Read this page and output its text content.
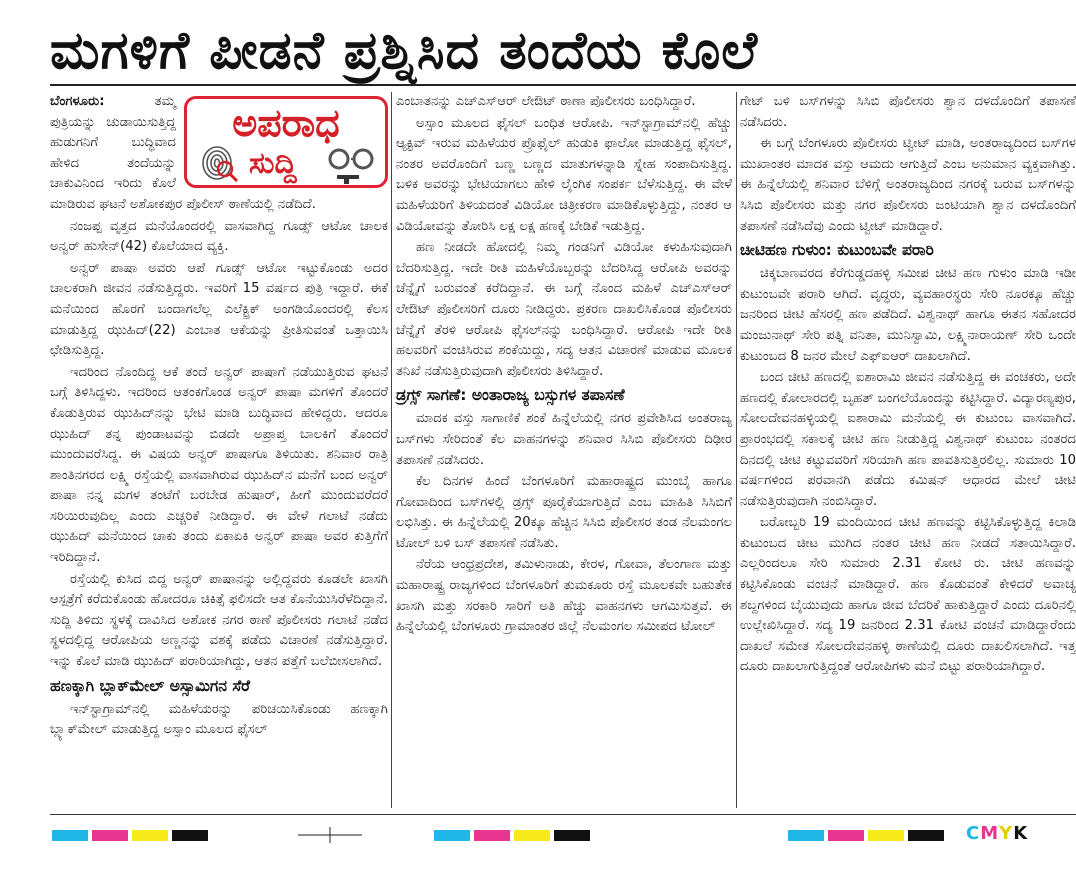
ಮಗಳಿಗೆ ಪೀಡನೆ ಪ್ರಶ್ನಿಸಿದ ತಂದೆಯ ಕೊಲೆ
ಅಪರಾಧ
ಸುದ್ದಿ

ಬೆಂಗಳೂರು:	ತಮ್ಮ ಪುತ್ರಿಯನ್ನು ಚುಡಾಯಿಸುತ್ತಿದ್ದ ಹುಡುಗನಿಗೆ ಬುದ್ಧಿವಾದ ಹೇಳಿದ ತಂದೆಯನ್ನು ಚಾಕುವಿನಿಂದ ಇರಿದು ಕೊಲೆ ಮಾಡಿರುವ ಘಟನೆ ಅಶೋಕಪುರ ಪೊಲೀಸ್ ಠಾಣೆಯಲ್ಲಿ ನಡೆದಿದೆ.

ನಂಜಪ್ಪ ವೃತ್ತದ ಮನೆಯೊಂದರಲ್ಲಿ ವಾಸವಾಗಿದ್ದ ಗೂಡ್ಸ್ ಆಟೋ ಚಾಲಕ ಅನ್ವರ್ ಹುಸೇನ್(42) ಕೊಲೆಯಾದ ವ್ಯಕ್ತಿ.

ಅನ್ವರ್ ಪಾಷಾ ಅವರು ಆಪೆ ಗೂಡ್ಸ್ ಆಟೋ ಇಟ್ಟುಕೊಂಡು ಅದರ ಚಾಲಕರಾಗಿ ಜೀವನ ನಡೆಸುತ್ತಿದ್ದರು. ಇವರಿಗೆ 15 ವರ್ಷದ ಪುತ್ರಿ ಇದ್ದಾರೆ. ಈಕೆ ಮನೆಯಿಂದ ಹೊರಗೆ ಬಂದಾಗಲೆಲ್ಲ ಎಲೆಕ್ಟ್ರಿಕ್ ಅಂಗಡಿಯೊಂದರಲ್ಲಿ ಕೆಲಸ ಮಾಡುತ್ತಿದ್ದ ಝುಹಿದ್(22) ಎಂಬಾತ ಆಕೆಯನ್ನು ಪ್ರೀತಿಸುವಂತೆ ಒತ್ತಾಯಿಸಿ ಛೇಡಿಸುತ್ತಿದ್ದ.

ಇದರಿಂದ ನೊಂದಿದ್ದ ಆಕೆ ತಂದೆ ಅನ್ವರ್ ಪಾಷಾಗೆ ನಡೆಯುತ್ತಿರುವ ಘಟನೆ ಬಗ್ಗೆ ತಿಳಿಸಿದ್ದಳು. ಇದರಿಂದ ಆತಂಕಗೊಂಡ ಅನ್ವರ್ ಪಾಷಾ ಮಗಳಿಗೆ ತೊಂದರೆ ಕೊಡುತ್ತಿರುವ ಝುಹಿದ್‌ನನ್ನು ಭೇಟಿ ಮಾಡಿ ಬುದ್ಧಿವಾದ ಹೇಳಿದ್ದರು. ಆದರೂ ಝುಹಿದ್ ತನ್ನ ಪುಂಡಾಟವನ್ನು ಬಿಡದೇ ಅಪ್ರಾಪ್ತ ಬಾಲಕಿಗೆ ತೊಂದರೆ ಮುಂದುವರೆಸಿದ್ದ. ಈ ವಿಷಯ ಅನ್ವರ್ ಪಾಷಾಗೂ ತಿಳಿಯಿತು. ಶನಿವಾರ ರಾತ್ರಿ ಶಾಂತಿನಗರದ ಲಕ್ಷ್ಮಿ ರಸ್ತೆಯಲ್ಲಿ ವಾಸವಾಗಿರುವ ಝುಹಿದ್‌ನ ಮನೆಗೆ ಬಂದ ಅನ್ವರ್ ಪಾಷಾ ನನ್ನ ಮಗಳ ತಂಟೆಗೆ ಬರಬೇಡ ಹುಷಾರ್, ಹೀಗೆ ಮುಂದುವರೆದರೆ ಸರಿಯಿರುವುದಿಲ್ಲ ಎಂದು ಎಚ್ಚರಿಕೆ ನೀಡಿದ್ದಾರೆ. ಈ ವೇಳೆ ಗಲಾಟೆ ನಡೆದು ಝುಹಿದ್ ಮನೆಯಿಂದ ಚಾಕು ತಂದು ಏಕಾಏಕಿ ಅನ್ವರ್ ಪಾಷಾ ಅವರ ಕುತ್ತಿಗೆಗೆ ಇರಿದಿದ್ದಾನೆ.

ರಸ್ತೆಯಲ್ಲಿ ಕುಸಿದ ಬಿದ್ದ ಅನ್ವರ್ ಪಾಷಾನನ್ನು ಅಲ್ಲಿದ್ದವರು ಕೂಡಲೇ ಖಾಸಗಿ ಆಸ್ಪತ್ರೆಗೆ ಕರೆದುಕೊಂಡು ಹೋದರೂ ಚಿಕಿತ್ಸೆ ಫಲಿಸದೇ ಆತ ಕೊನೆಯುಸಿರೆಳೆದಿದ್ದಾನೆ. ಸುದ್ದಿ ತಿಳಿದು ಸ್ಥಳಕ್ಕೆ ದಾವಿಸಿದ ಅಶೋಕ ನಗರ ಠಾಣೆ ಪೊಲೀಸರು ಗಲಾಟೆ ನಡೆದ ಸ್ಥಳದಲ್ಲಿದ್ದ ಆರೋಪಿಯ ಅಣ್ಣನನ್ನು ವಶಕ್ಕೆ ಪಡೆದು ವಿಚಾರಣೆ ನಡೆಸುತ್ತಿದ್ದಾರೆ. ಇನ್ನು ಕೊಲೆ ಮಾಡಿ ಝುಹಿದ್ ಪರಾರಿಯಾಗಿದ್ದು, ಆತನ ಪತ್ತೆಗೆ ಬಲೆಬೀಸಲಾಗಿದೆ.

ಹಣಕ್ಕಾಗಿ ಬ್ಲಾಕ್‌ಮೇಲ್ ಅಸ್ಸಾಮಿಗನ ಸೆರೆ

ಇನ್‌ಸ್ಟಾಗ್ರಾಮ್‌ನಲ್ಲಿ ಮಹಿಳೆಯರನ್ನು ಪರಿಚಯಿಸಿಕೊಂಡು ಹಣಕ್ಕಾಗಿ ಬ್ಲ್ಯಾಕ್‌ಮೇಲ್ ಮಾಡುತ್ತಿದ್ದ ಅಸ್ಸಾಂ ಮೂಲದ ಫೈಸಲ್

ಎಂಬಾತನನ್ನು ಎಚ್‌ಎಸ್‌ಆರ್ ಲೇಔಟ್ ಠಾಣಾ ಪೊಲೀಸರು ಬಂಧಿಸಿದ್ದಾರೆ.

ಅಸ್ಸಾಂ ಮೂಲದ ಫೈಸಲ್ ಬಂಧಿತ ಆರೋಪಿ. ಇನ್‌ಸ್ಟಾಗ್ರಾಮ್‌ನಲ್ಲಿ ಹೆಚ್ಚು ಆ್ಯಕ್ಟಿವ್ ಇರುವ ಮಹಿಳೆಯರ ಪ್ರೊಫೈಲ್ ಹುಡುಕಿ ಫಾಲೋ ಮಾಡುತ್ತಿದ್ದ ಫೈಸಲ್, ನಂತರ ಅವರೊಂದಿಗೆ ಬಣ್ಣ ಬಣ್ಣದ ಮಾತುಗಳನ್ನಾಡಿ ಸ್ನೇಹ ಸಂಪಾದಿಸುತ್ತಿದ್ದ. ಬಳಿಕ ಅವರನ್ನು ಭೇಟಿಯಾಗಲು ಹೇಳಿ ಲೈಂಗಿಕ ಸಂಪರ್ಕ ಬೆಳೆಸುತ್ತಿದ್ದ. ಈ ವೇಳೆ ಮಹಿಳೆಯರಿಗೆ ತಿಳಿಯದಂತೆ ವಿಡಿಯೋ ಚಿತ್ರೀಕರಣ ಮಾಡಿಕೊಳ್ಳುತ್ತಿದ್ದು, ನಂತರ ಆ ವಿಡಿಯೋವನ್ನು ತೋರಿಸಿ ಲಕ್ಷ ಲಕ್ಷ ಹಣಕ್ಕೆ ಬೇಡಿಕೆ ಇಡುತ್ತಿದ್ದ.

ಹಣ ನೀಡದೇ ಹೋದಲ್ಲಿ ನಿಮ್ಮ ಗಂಡನಿಗೆ ವಿಡಿಯೋ ಕಳುಹಿಸುವುದಾಗಿ ಬೆದರಿಸುತ್ತಿದ್ದ. ಇದೇ ರೀತಿ ಮಹಿಳೆಯೊಬ್ಬರನ್ನು ಬೆದರಿಸಿದ್ದ ಆರೋಪಿ ಅವರನ್ನು ಚೆನ್ನೈಗೆ ಬರುವಂತೆ ಕರೆದಿದ್ದಾನೆ. ಈ ಬಗ್ಗೆ ನೊಂದ ಮಹಿಳೆ ಎಚ್‌ಎಸ್‌ಆರ್ ಲೇಔಟ್ ಪೊಲೀಸರಿಗೆ ದೂರು ನೀಡಿದ್ದರು. ಪ್ರಕರಣ ದಾಖಲಿಸಿಕೊಂಡ ಪೊಲೀಸರು ಚೆನ್ನೈಗೆ ತೆರಳಿ ಆರೋಪಿ ಫೈಸಲ್‌ನನ್ನು ಬಂಧಿಸಿದ್ದಾರೆ. ಆರೋಪಿ ಇದೇ ರೀತಿ ಹಲವರಿಗೆ ವಂಚಿಸಿರುವ ಶಂಕೆಯಿದ್ದು, ಸದ್ಯ ಆತನ ವಿಚಾರಣೆ ಮಾಡುವ ಮೂಲಕ ತನಿಖೆ ನಡೆಸುತ್ತಿರುವುದಾಗಿ ಪೊಲೀಸರು ತಿಳಿಸಿದ್ದಾರೆ.

ಡ್ರಗ್ಸ್ ಸಾಗಣೆ: ಅಂತಾರಾಜ್ಯ ಬಸ್ಸುಗಳ ತಪಾಸಣೆ

ಮಾದಕ ವಸ್ತು ಸಾಗಾಣಿಕೆ ಶಂಕೆ ಹಿನ್ನೆಲೆಯಲ್ಲಿ ನಗರ ಪ್ರವೇಶಿಸಿದ ಅಂತರಾಜ್ಯ ಬಸ್‌ಗಳು ಸೇರಿದಂತೆ ಕೆಲ ವಾಹನಗಳನ್ನು ಶನಿವಾರ ಸಿಸಿಬಿ ಪೊಲೀಸರು ದಿಢೀರ ತಪಾಸಣೆ ನಡೆಸಿದರು.

ಕೆಲ ದಿನಗಳ ಹಿಂದೆ ಬೆಂಗಳೂರಿಗೆ ಮಹಾರಾಷ್ಟ್ರದ ಮುಂಬೈ ಹಾಗೂ ಗೋವಾದಿಂದ ಬಸ್‌ಗಳಲ್ಲಿ ಡ್ರಗ್ಸ್ ಪೂರೈಕೆಯಾಗುತ್ತಿದೆ ಎಂಬ ಮಾಹಿತಿ ಸಿಸಿಬಿಗೆ ಲಭಿಸಿತ್ತು. ಈ ಹಿನ್ನೆಲೆಯಲ್ಲಿ 20ಕ್ಕೂ ಹೆಚ್ಚಿನ ಸಿಸಿಬಿ ಪೊಲೀಸರ ತಂಡ ನೆಲಮಂಗಲ ಟೋಲ್ ಬಳಿ ಬಸ್ ತಪಾಸಣೆ ನಡೆಸಿತು.

ನೆರೆಯ ಆಂಧ್ರಪ್ರದೇಶ, ತಮಿಳುನಾಡು, ಕೇರಳ, ಗೋವಾ, ತೆಲಂಗಾಣ ಮತ್ತು ಮಹಾರಾಷ್ಟ್ರ ರಾಜ್ಯಗಳಿಂದ ಬೆಂಗಳೂರಿಗೆ ತುಮಕೂರು ರಸ್ತೆ ಮೂಲಕವೇ ಬಹುತೇಕ ಖಾಸಗಿ ಮತ್ತು ಸರಕಾರಿ ಸಾರಿಗೆ ಅತಿ ಹೆಚ್ಚು ವಾಹನಗಳು ಆಗಮಿಸುತ್ತವೆ. ಈ ಹಿನ್ನೆಲೆಯಲ್ಲಿ ಬೆಂಗಳೂರು ಗ್ರಾಮಾಂತರ ಜಿಲ್ಲೆ ನೆಲಮಂಗಲ ಸಮೀಪದ ಟೋಲ್

ಗೇಟ್ ಬಳಿ ಬಸ್‌ಗಳನ್ನು ಸಿಸಿಬಿ ಪೊಲೀಸರು ಶ್ವಾನ ದಳದೊಂದಿಗೆ ತಪಾಸಣೆ ನಡೆಸಿದರು.

ಈ ಬಗ್ಗೆ ಬೆಂಗಳೂರು ಪೊಲೀಸರು ಟ್ವೀಟ್ ಮಾಡಿ, ಅಂತರಾಜ್ಯದಿಂದ ಬಸ್‌ಗಳ ಮುಖಾಂತರ ಮಾದಕ ವಸ್ತು ಆಮದು ಆಗುತ್ತಿದೆ ಎಂಬ ಅನುಮಾನ ವ್ಯಕ್ತವಾಗಿತ್ತು. ಈ ಹಿನ್ನೆಲೆಯಲ್ಲಿ ಶನಿವಾರ ಬೆಳಿಗ್ಗೆ ಅಂತರಾಜ್ಯದಿಂದ ನಗರಕ್ಕೆ ಬರುವ ಬಸ್‌ಗಳನ್ನು ಸಿಸಿಬಿ ಪೊಲೀಸರು ಮತ್ತು ನಗರ ಪೊಲೀಸರು ಜಂಟಿಯಾಗಿ ಶ್ವಾನ ದಳದೊಂದಿಗೆ ತಪಾಸಣೆ ನಡೆಸಿದೆವು ಎಂದು ಟ್ವೀಟ್ ಮಾಡಿದ್ದಾರೆ.

ಚೀಟಿಹಣ ಗುಳುಂ: ಕುಟುಂಬವೇ ಪರಾರಿ

ಚಿಕ್ಕಬಾಣವರದ ಕೆರೆಗುಡ್ಡದಹಳ್ಳಿ ಸಮೀಪ ಚೀಟಿ ಹಣ ಗುಳುಂ ಮಾಡಿ ಇಡೀ ಕುಟುಂಬವೇ ಪರಾರಿ ಆಗಿದೆ. ವೃದ್ಧರು, ವ್ಯವಹಾರಸ್ಥರು ಸೇರಿ ನೂರಕ್ಕೂ ಹೆಚ್ಚು ಜನರಿಂದ ಚೀಟಿ ಹೆಸರಲ್ಲಿ ಹಣ ಪಡೆದಿದೆ. ವಿಶ್ವನಾಥ್ ಹಾಗೂ ಈತನ ಸಹೋದರ ಮಂಜುನಾಥ್ ಸೇರಿ ಪತ್ನಿ ವನಿತಾ, ಮುನಿಸ್ವಾಮಿ, ಲಕ್ಷ್ಮಿನಾರಾಯಣ್ ಸೇರಿ ಒಂದೇ ಕುಟುಂಬದ 8 ಜನರ ಮೇಲೆ ಎಫ್‌ಐಆರ್ ದಾಖಲಾಗಿದೆ.

ಬಂದ ಚೀಟಿ ಹಣದಲ್ಲಿ ಐಶಾರಾಮಿ ಜೀವನ ನಡೆಸುತ್ತಿದ್ದ ಈ ವಂಚಕರು, ಅದೇ ಹಣದಲ್ಲಿ ಕೋಲಾರದಲ್ಲಿ ಬೃಹತ್ ಬಂಗಲೆಯೊಂದನ್ನು ಕಟ್ಟಿಸಿದ್ದಾರೆ. ವಿದ್ಯಾರಣ್ಯಪುರ, ಸೋಲದೇವನಹಳ್ಳಿಯಲ್ಲಿ ಐಶಾರಾಮಿ ಮನೆಯಲ್ಲಿ ಈ ಕುಟುಂಬ ವಾಸವಾಗಿದೆ. ಪ್ರಾರಂಭದಲ್ಲಿ ಸಕಾಲಕ್ಕೆ ಚೀಟಿ ಹಣ ನೀಡುತ್ತಿದ್ದ ವಿಶ್ವನಾಥ್ ಕುಟುಂಬ ನಂತರದ ದಿನದಲ್ಲಿ ಚೀಟಿ ಕಟ್ಟುವವರಿಗೆ ಸರಿಯಾಗಿ ಹಣ ಪಾವತಿಸುತ್ತಿರಲಿಲ್ಲ. ಸುಮಾರು 10 ವರ್ಷಗಳಿಂದ ಪರವಾನಗಿ ಪಡೆದು ಕಮಿಷನ್ ಆಧಾರದ ಮೇಲೆ ಚೀಟಿ ನಡೆಸುತ್ತಿರುವುದಾಗಿ ನಂಬಿಸಿದ್ದಾರೆ.

ಬರೋಬ್ಬರಿ 19 ಮಂದಿಯಿಂದ ಚೀಟಿ ಹಣವನ್ನು ಕಟ್ಟಿಸಿಕೊಳ್ಳುತ್ತಿದ್ದ ಕಿಲಾಡಿ ಕುಟುಂಬದ ಚೀಟ ಮುಗಿದ ನಂತರ ಚೀಟಿ ಹಣ ನೀಡದೆ ಸತಾಯಿಸಿದ್ದಾರೆ. ಎಲ್ಲರಿಂದಲೂ ಸೇರಿ ಸುಮಾರು 2.31 ಕೋಟಿ ರು. ಚೀಟಿ ಹಣವನ್ನು ಕಟ್ಟಿಸಿಕೊಂಡು ವಂಚನೆ ಮಾಡಿದ್ದಾರೆ. ಹಣ ಕೊಡುವಂತೆ ಕೇಳಿದರೆ ಅವಾಚ್ಯ ಶಬ್ದಗಳಿಂದ ಬೈಯುವುದು ಹಾಗೂ ಜೀವ ಬೆದರಿಕೆ ಹಾಕುತ್ತಿದ್ದಾರೆ ಎಂದು ದೂರಿನಲ್ಲಿ ಉಲ್ಲೇಖಿಸಿದ್ದಾರೆ. ಸದ್ಯ 19 ಜನರಿಂದ 2.31 ಕೋಟಿ ವಂಚನೆ ಮಾಡಿದ್ದಾರೆಂದು ದಾಖಲೆ ಸಮೇತ ಸೋಲದೇವನಹಳ್ಳಿ ಠಾಣೆಯಲ್ಲಿ ದೂರು ದಾಖಲಿಸಲಾಗಿದೆ. ಇತ್ತ ದೂರು ದಾಖಲಾಗುತ್ತಿದ್ದಂತೆ ಆರೋಪಿಗಳು ಮನೆ ಬಿಟ್ಟು ಪರಾರಿಯಾಗಿದ್ದಾರೆ.

CMYK
